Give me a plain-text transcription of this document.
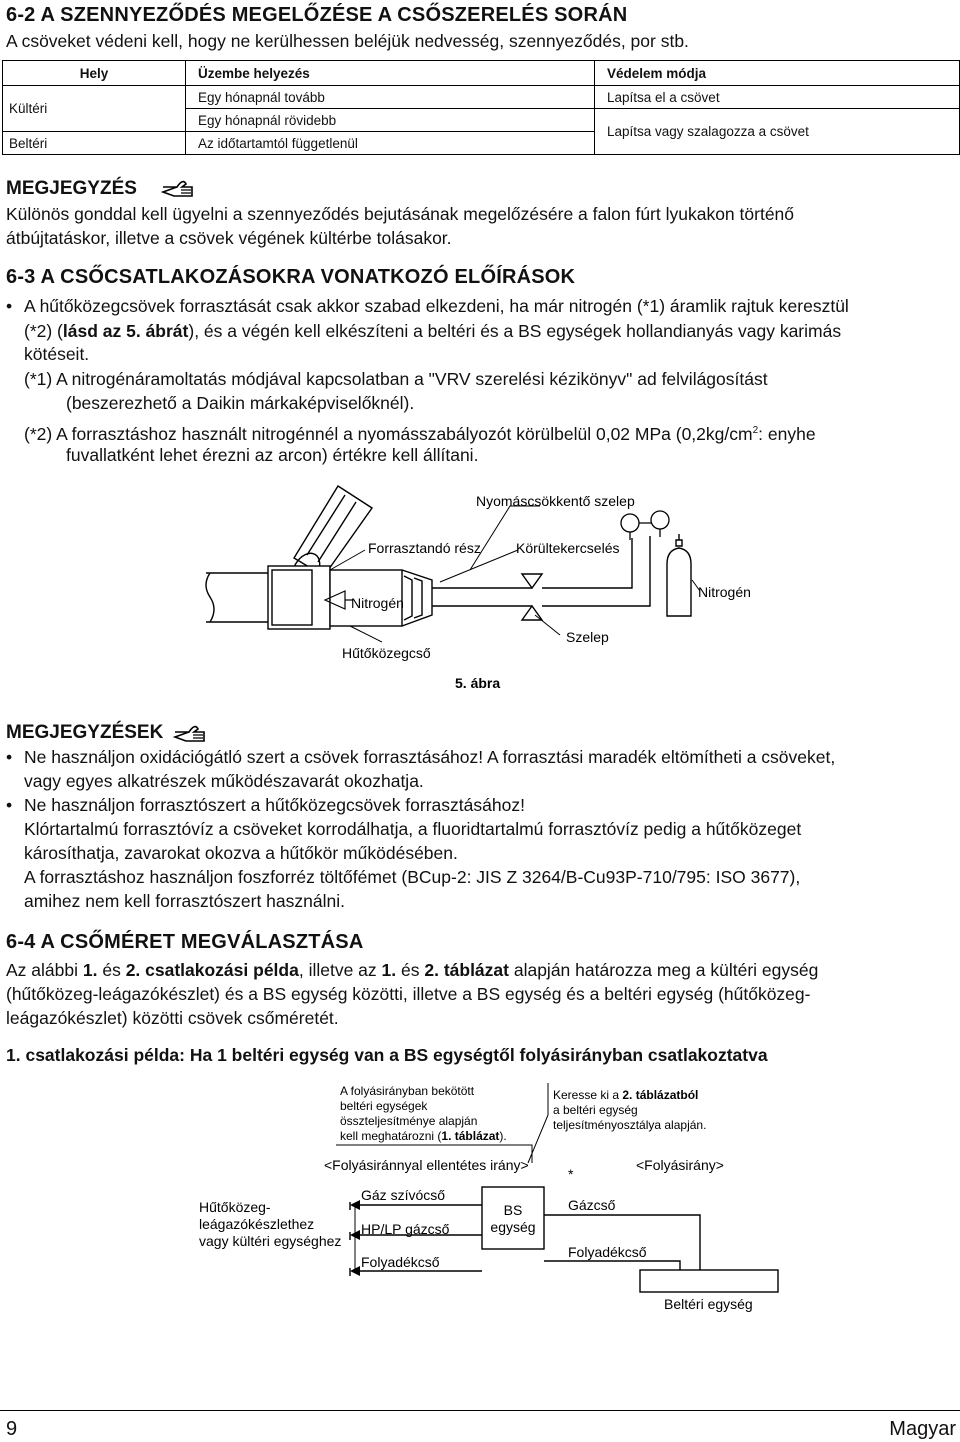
6-2 A SZENNYEZŐDÉS MEGELŐZÉSE A CSŐSZERELÉS SORÁN
A csöveket védeni kell, hogy ne kerülhessen beléjük nedvesség, szennyeződés, por stb.
Hely	Üzembe helyezés	Védelem módja
Kültéri	Egy hónapnál tovább	Lapítsa el a csövet
	Egy hónapnál rövidebb	Lapítsa vagy szalagozza a csövet
Beltéri	Az időtartamtól függetlenül	
MEGJEGYZÉS
Különös gonddal kell ügyelni a szennyeződés bejutásának megelőzésére a falon fúrt lyukakon történő
átbújtatáskor, illetve a csövek végének kültérbe tolásakor.
6-3 A CSŐCSATLAKOZÁSOKRA VONATKOZÓ ELŐÍRÁSOK
• A hűtőközegcsövek forrasztását csak akkor szabad elkezdeni, ha már nitrogén (*1) áramlik rajtuk keresztül
(*2) (lásd az 5. ábrát), és a végén kell elkészíteni a beltéri és a BS egységek hollandianyás vagy karimás
kötéseit.
(*1) A nitrogénáramoltatás módjával kapcsolatban a "VRV szerelési kézikönyv" ad felvilágosítást
(beszerezhető a Daikin márkaképviselőknél).
(*2) A forrasztáshoz használt nitrogénnél a nyomásszabályozót körülbelül 0,02 MPa ($0,2kg/cm^2$: enyhe
fuvallatként lehet érezni az arcon) értékre kell állítani.
Nyomáscsökkentő szelep
Forrasztandó rész	Körültekercselés
Nitrogén
Nitrogén
Hűtőközegcső
Szelep
5. ábra
MEGJEGYZÉSEK
• Ne használjon oxidációgátló szert a csövek forrasztásához! A forrasztási maradék eltömítheti a csöveket,
vagy egyes alkatrészek működészavarát okozhatja.
• Ne használjon forrasztószert a hűtőközegcsövek forrasztásához!
Klórtartalmú forrasztóvíz a csöveket korrodálhatja, a fluoridtartalmú forrasztóvíz pedig a hűtőközeget
károsíthatja, zavarokat okozva a hűtőkör működésében.
A forrasztáshoz használjon foszforréz töltőfémet (BCup-2: JIS Z 3264/B-Cu93P-710/795: ISO 3677),
amihez nem kell forrasztószert használni.
6-4 A CSŐMÉRET MEGVÁLASZTÁSA
Az alábbi 1. és 2. csatlakozási példa, illetve az 1. és 2. táblázat alapján határozza meg a kültéri egység
(hűtőközeg-leágazókészlet) és a BS egység közötti, illetve a BS egység és a beltéri egység (hűtőközeg-
leágazókészlet) közötti csövek csőméretét.
1. csatlakozási példa: Ha 1 beltéri egység van a BS egységtől folyásirányban csatlakoztatva
A folyásirányban bekötött
beltéri egységek
összteljesítménye alapján
kell meghatározni (1. táblázat).
Keresse ki a 2. táblázatból
a beltéri egység
teljesítményosztálya alapján.
<Folyásiránnyal ellentétes irány>
*
<Folyásirány>
Hűtőközeg-
leágazókészlethez
vagy kültéri egységhez
Gáz szívócső
HP/LP gázcső
Folyadékcső
Gázcső
Folyadékcső
Beltéri egység
BS
egység
9	Magyar
